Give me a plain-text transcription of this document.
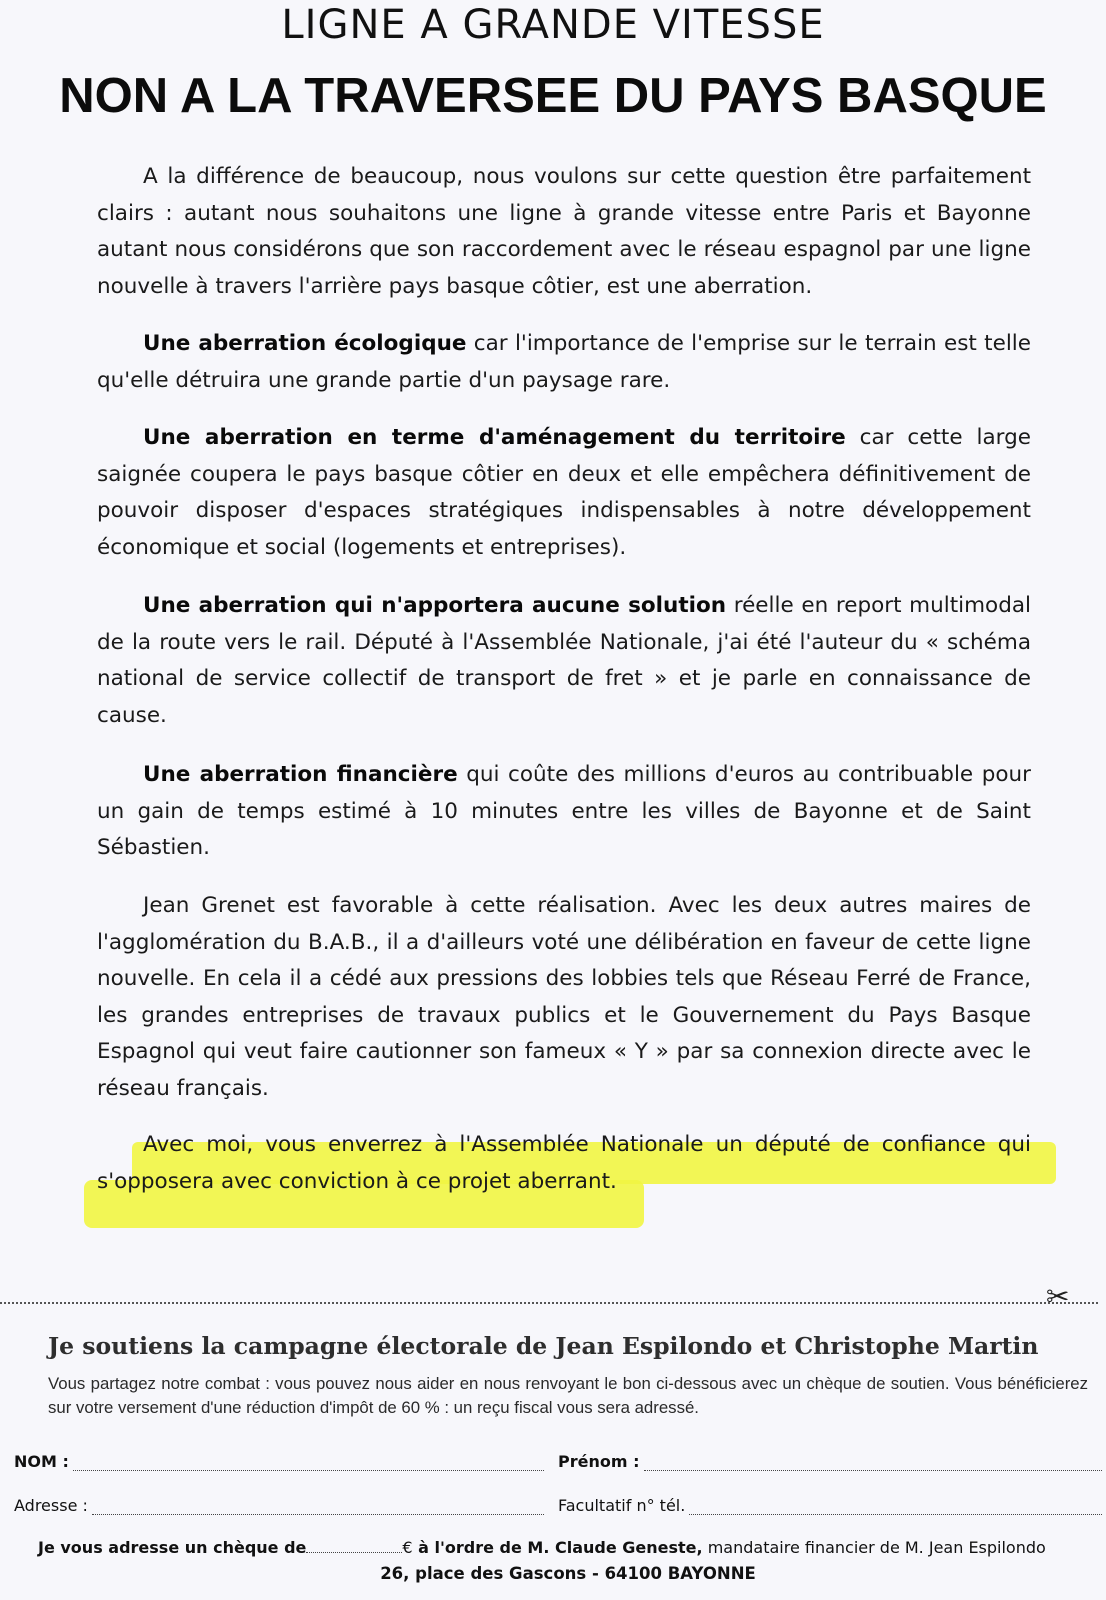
LIGNE A GRANDE VITESSE
NON A LA TRAVERSEE DU PAYS BASQUE

A la différence de beaucoup, nous voulons sur cette question être parfaitement clairs : autant nous souhaitons une ligne à grande vitesse entre Paris et Bayonne autant nous considérons que son raccordement avec le réseau espagnol par une ligne nouvelle à travers l'arrière pays basque côtier, est une aberration.

Une aberration écologique car l'importance de l'emprise sur le terrain est telle qu'elle détruira une grande partie d'un paysage rare.

Une aberration en terme d'aménagement du territoire car cette large saignée coupera le pays basque côtier en deux et elle empêchera définitivement de pouvoir disposer d'espaces stratégiques indispensables à notre développement économique et social (logements et entreprises).

Une aberration qui n'apportera aucune solution réelle en report multimodal de la route vers le rail. Député à l'Assemblée Nationale, j'ai été l'auteur du « schéma national de service collectif de transport de fret » et je parle en connaissance de cause.

Une aberration financière qui coûte des millions d'euros au contribuable pour un gain de temps estimé à 10 minutes entre les villes de Bayonne et de Saint Sébastien.

Jean Grenet est favorable à cette réalisation. Avec les deux autres maires de l'agglomération du B.A.B., il a d'ailleurs voté une délibération en faveur de cette ligne nouvelle. En cela il a cédé aux pressions des lobbies tels que Réseau Ferré de France, les grandes entreprises de travaux publics et le Gouvernement du Pays Basque Espagnol qui veut faire cautionner son fameux « Y » par sa connexion directe avec le réseau français.

Avec moi, vous enverrez à l'Assemblée Nationale un député de confiance qui s'opposera avec conviction à ce projet aberrant.

✂
Je soutiens la campagne électorale de Jean Espilondo et Christophe Martin
Vous partagez notre combat : vous pouvez nous aider en nous renvoyant le bon ci-dessous avec un chèque de soutien. Vous bénéficierez sur votre versement d'une réduction d'impôt de 60 % : un reçu fiscal vous sera adressé.
NOM :	Prénom :
Adresse :	Facultatif n° tél.
Je vous adresse un chèque de	€ à l'ordre de M. Claude Geneste, mandataire financier de M. Jean Espilondo
26, place des Gascons - 64100 BAYONNE
